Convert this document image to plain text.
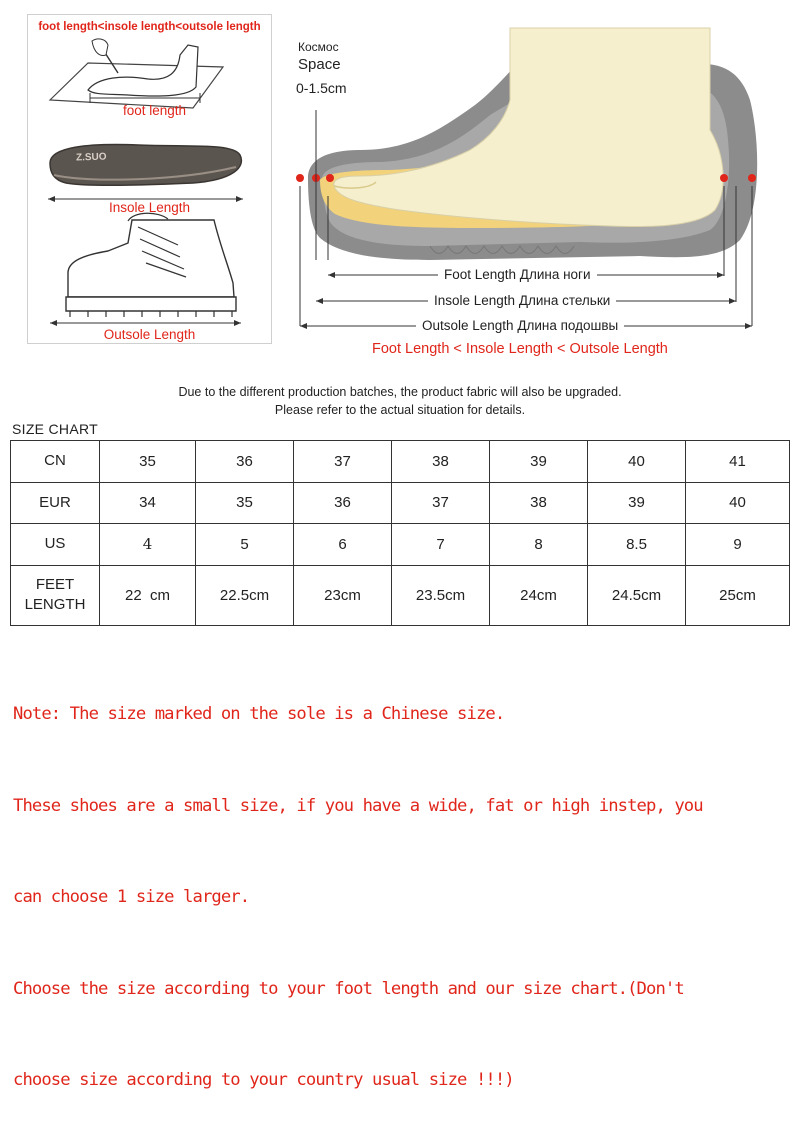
foot length<insole length<outsole length
foot length
Insole Length
Outsole Length
Z.SUO
Космос
Space
0-1.5cm
Foot Length Длина ноги
Insole Length Длина стельки
Outsole Length Длина подошвы
Foot Length < Insole Length < Outsole Length
Due to the different production batches, the product fabric will also be upgraded.
Please refer to the actual situation for details.
SIZE CHART
CN	35	36	37	38	39	40	41
EUR	34	35	36	37	38	39	40
US	4	5	6	7	8	8.5	9

FEET
LENGTH	22  cm	22.5cm	23cm	23.5cm	24cm	24.5cm	25cm

Note: The size marked on the sole is a Chinese size.

These shoes are a small size, if you have a wide, fat or high instep, you

can choose 1 size larger.

Choose the size according to your foot length and our size chart.(Don't

choose size according to your country usual size !!!)
